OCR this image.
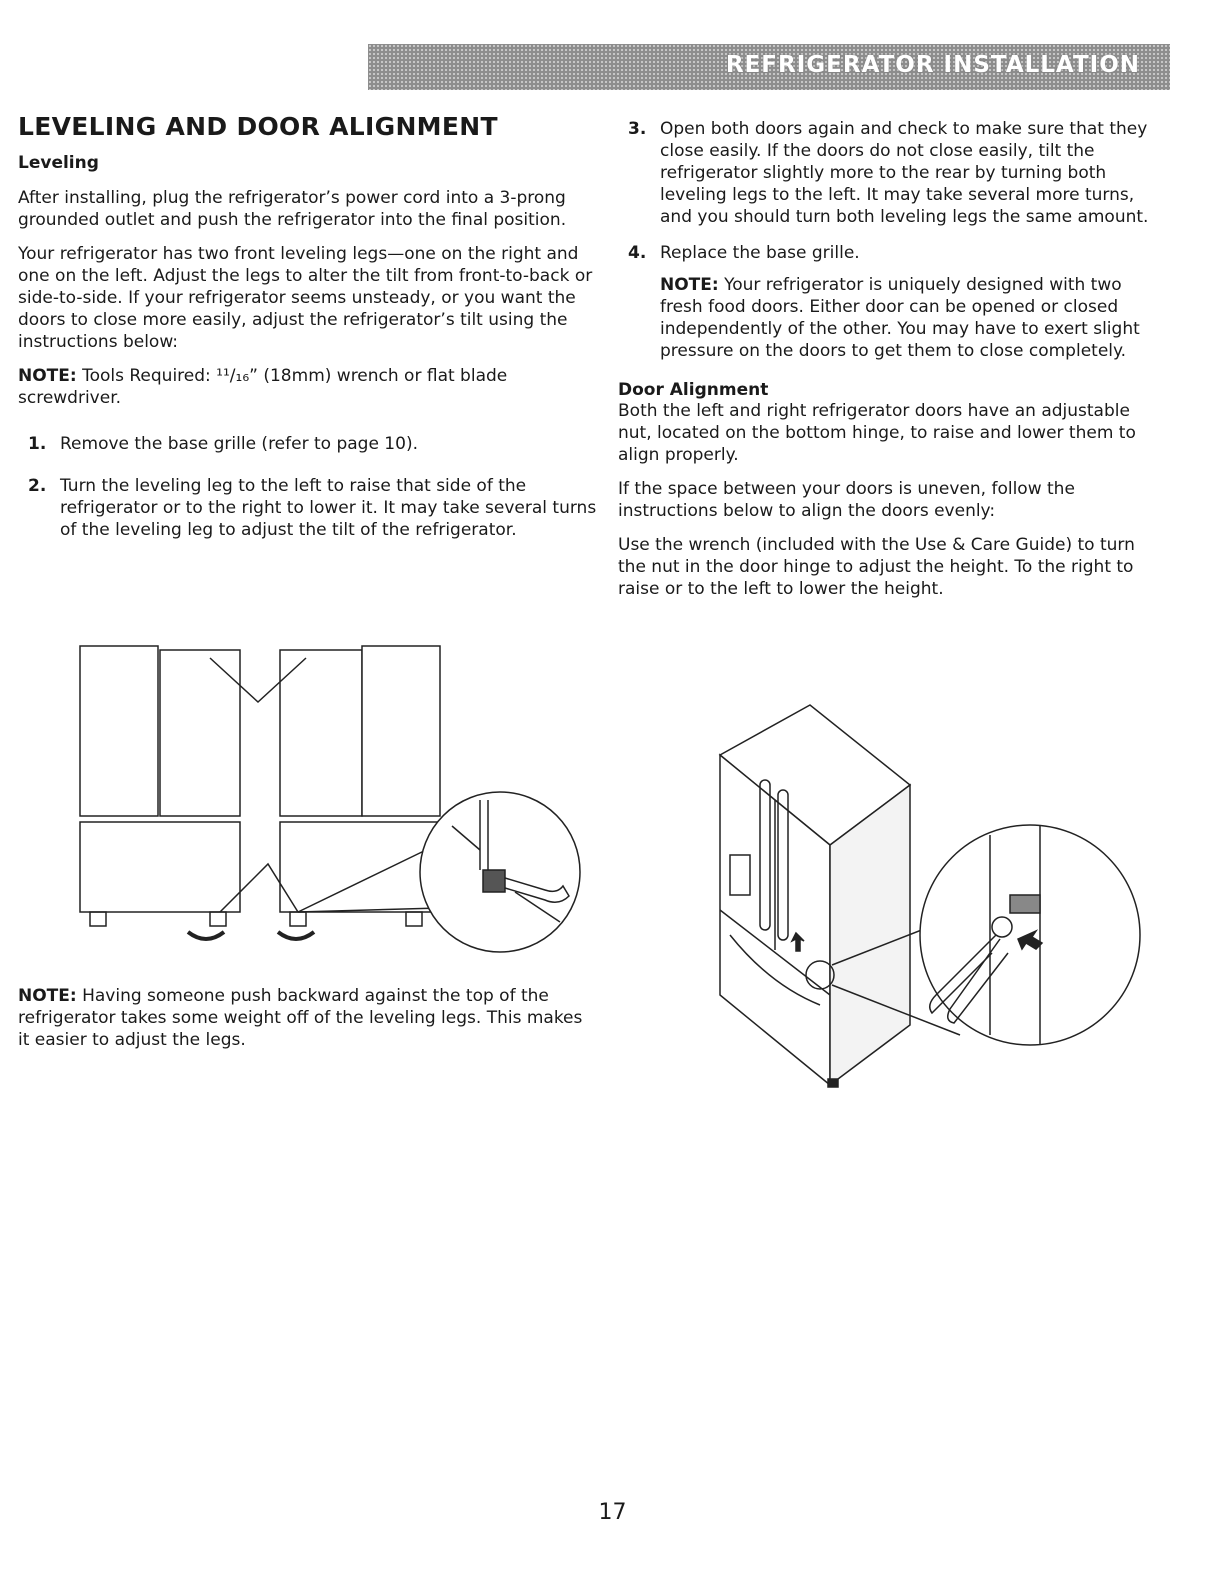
REFRIGERATOR INSTALLATION
LEVELING AND DOOR ALIGNMENT
Leveling

After installing, plug the refrigerator’s power cord into a 3-prong grounded outlet and push the refrigerator into the final position.

Your refrigerator has two front leveling legs—one on the right and one on the left. Adjust the legs to alter the tilt from front-to-back or side-to-side. If your refrigerator seems unsteady, or you want the doors to close more easily, adjust the refrigerator’s tilt using the instructions below:

NOTE: Tools Required: ¹¹/₁₆” (18mm) wrench or flat blade screwdriver.

1. Remove the base grille (refer to page 10).
2. Turn the leveling leg to the left to raise that side of the refrigerator or to the right to lower it. It may take several turns of the leveling leg to adjust the tilt of the refrigerator.

NOTE: Having someone push backward against the top of the refrigerator takes some weight off of the leveling legs. This makes it easier to adjust the legs.

3. Open both doors again and check to make sure that they close easily. If the doors do not close easily, tilt the refrigerator slightly more to the rear by turning both leveling legs to the left. It may take several more turns, and you should turn both leveling legs the same amount.
4. Replace the base grille.

NOTE: Your refrigerator is uniquely designed with two fresh food doors. Either door can be opened or closed independently of the other. You may have to exert slight pressure on the doors to get them to close completely.

Door Alignment

Both the left and right refrigerator doors have an adjustable nut, located on the bottom hinge, to raise and lower them to align properly.

If the space between your doors is uneven, follow the instructions below to align the doors evenly:

Use the wrench (included with the Use & Care Guide) to turn the nut in the door hinge to adjust the height. To the right to raise or to the left to lower the height.

17
